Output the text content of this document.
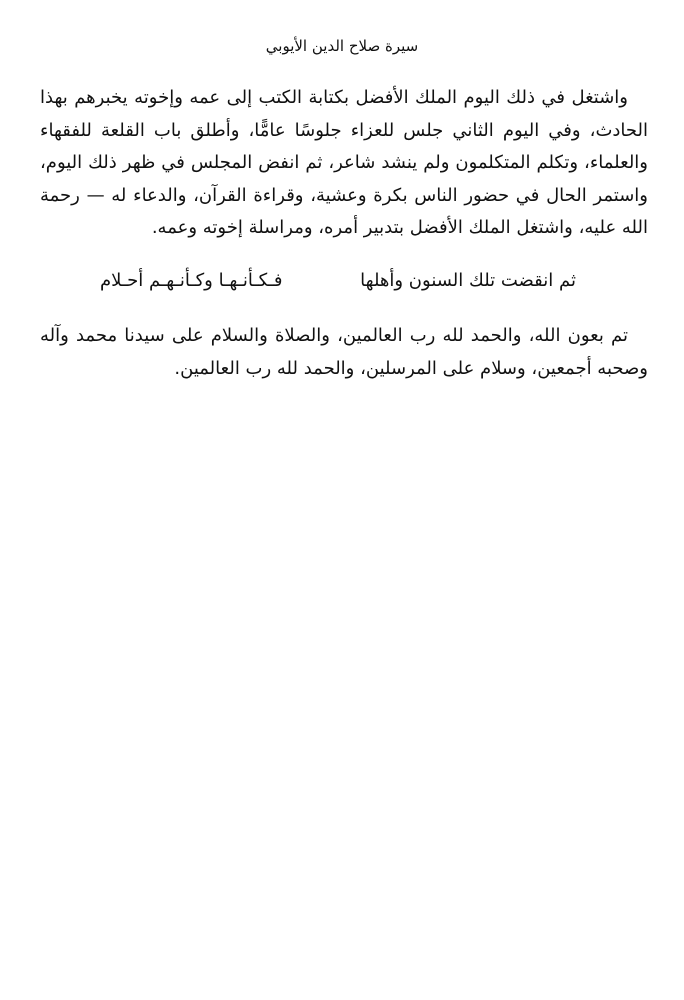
سيرة صلاح الدين الأيوبي

واشتغل في ذلك اليوم الملك الأفضل بكتابة الكتب إلى عمه وإخوته يخبرهم بهذا الحادث، وفي اليوم الثاني جلس للعزاء جلوسًا عامًّا، وأطلق باب القلعة للفقهاء والعلماء، وتكلم المتكلمون ولم ينشد شاعر، ثم انفض المجلس في ظهر ذلك اليوم، واستمر الحال في حضور الناس بكرة وعشية، وقراءة القرآن، والدعاء له — رحمة الله عليه، واشتغل الملك الأفضل بتدبير أمره، ومراسلة إخوته وعمه.

ثم انقضت تلك السنون وأهلها
فـكـأنـهـا وكـأنـهـم أحـلام

تم بعون الله، والحمد لله رب العالمين، والصلاة والسلام على سيدنا محمد وآله وصحبه أجمعين، وسلام على المرسلين، والحمد لله رب العالمين.
